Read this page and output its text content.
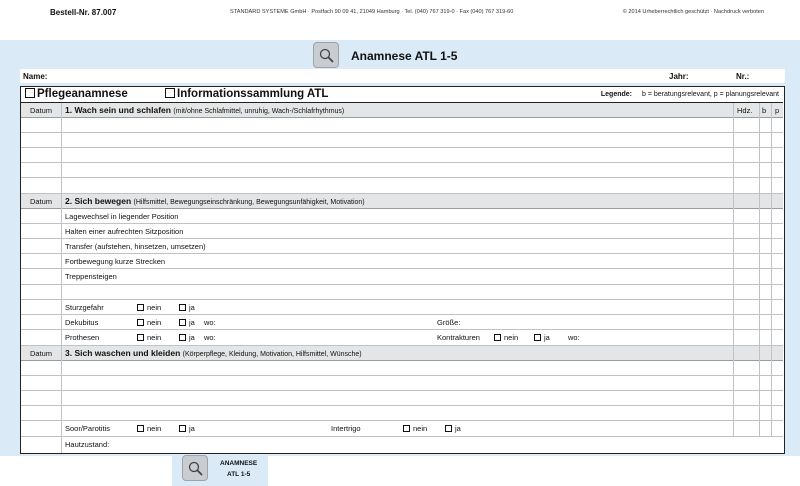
Bestell-Nr. 87.007	STANDARD SYSTEME GmbH · Postfach 90 09 41, 21049 Hamburg · Tel. (040) 767 319-0 · Fax (040) 767 319-60	© 2014 Urheberrechtlich geschützt · Nachdruck verboten
Anamnese ATL 1-5
Name:	Jahr:	Nr.:
Pflegeanamnese	Informationssammlung ATL	Legende: b = beratungsrelevant, p = planungsrelevant
Datum	1. Wach sein und schlafen (mit/ohne Schlafmittel, unruhig, Wach-/Schlafrhythmus)	Hdz. b p
Datum	2. Sich bewegen (Hilfsmittel, Bewegungseinschränkung, Bewegungsunfähigkeit, Motivation)
Lagewechsel in liegender Position
Halten einer aufrechten Sitzposition
Transfer (aufstehen, hinsetzen, umsetzen)
Fortbewegung kurze Strecken
Treppensteigen
Sturzgefahr	nein	ja
Dekubitus	nein	ja wo:	Größe:
Prothesen	nein	ja wo:	Kontrakturen	nein	ja wo:
Datum	3. Sich waschen und kleiden (Körperpflege, Kleidung, Motivation, Hilfsmittel, Wünsche)
Soor/Parotitis	nein	ja	Intertrigo	nein	ja
Hautzustand:
ANAMNESE
ATL 1-5
